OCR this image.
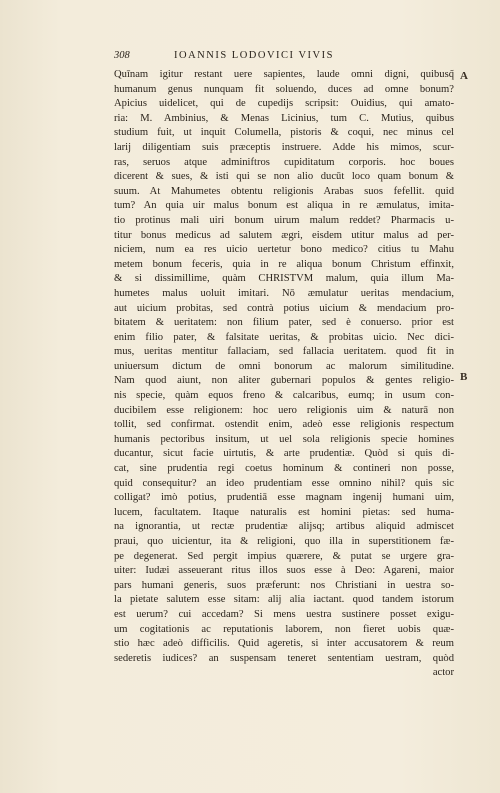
308	IOANNIS LODOVICI VIVIS
A
B
Quīnam igitur restant uere sapientes, laude omni digni, quibusq̃
humanum genus nunquam fit soluendo, duces ad omne bonum?
Apicius uidelicet, qui de cupedijs scripsit: Ouidius, qui amato-
ria: M. Ambinius, & Menas Licinius, tum C. Mutius, quibus
studium fuit, ut inquit Columella, pistoris & coqui, nec minus cel
larij diligentiam suis præceptis instruere. Adde his mimos, scur-
ras, seruos atque adminiftros cupiditatum corporis. hoc boues
dicerent & sues, & isti qui se non alio ducūt loco quam bonum &
suum. At Mahumetes obtentu religionis Arabas suos fefellit. quid
tum? An quia uir malus bonum est aliqua in re æmulatus, imita-
tio protinus mali uiri bonum uirum malum reddet? Pharmacis u-
titur bonus medicus ad salutem ægri, eisdem utitur malus ad per-
niciem, num ea res uicio uertetur bono medico? citius tu Mahu
metem bonum feceris, quia in re aliqua bonum Christum effinxit,
& si dissimillime, quàm CHRISTVM malum, quia illum Ma-
humetes malus uoluit imitari. Nō æmulatur ueritas mendacium,
aut uicium probitas, sed contrà potius uicium & mendacium pro-
bitatem & ueritatem: non filium pater, sed è conuerso. prior est
enim filio pater, & falsitate ueritas, & probitas uicio. Nec dici-
mus, ueritas mentitur fallaciam, sed fallacia ueritatem. quod fit in
uniuersum dictum de omni bonorum ac malorum similitudine.
Nam quod aiunt, non aliter gubernari populos & gentes religio-
nis specie, quàm equos freno & calcaribus, eumq; in usum con-
ducibilem esse religionem: hoc uero religionis uim & naturā non
tollit, sed confirmat. ostendit enim, adeò esse religionis respectum
humanis pectoribus insitum, ut uel sola religionis specie homines
ducantur, sicut facie uirtutis, & arte prudentiæ. Quòd si quis di-
cat, sine prudentia regi coetus hominum & contineri non posse,
quid consequitur? an ideo prudentiam esse omnino nihil? quis sic
colligat? imò potius, prudentiā esse magnam ingenij humani uim,
lucem, facultatem. Itaque naturalis est homini pietas: sed huma-
na ignorantia, ut rectæ prudentiæ alijsq; artibus aliquid admiscet
praui, quo uicientur, ita & religioni, quo illa in superstitionem fæ-
pe degenerat. Sed pergit impius quærere, & putat se urgere gra-
uiter: Iudæi asseuerant ritus illos suos esse à Deo: Agareni, maior
pars humani generis, suos præferunt: nos Christiani in uestra so-
la pietate salutem esse sitam: alij alia iactant. quod tandem istorum
est uerum? cui accedam? Si mens uestra sustinere posset exigu-
um cogitationis ac reputationis laborem, non fieret uobis quæ-
stio hæc adeò difficilis. Quid ageretis, si inter accusatorem & reum
sederetis iudices? an suspensam teneret sententiam uestram, quòd
actor
